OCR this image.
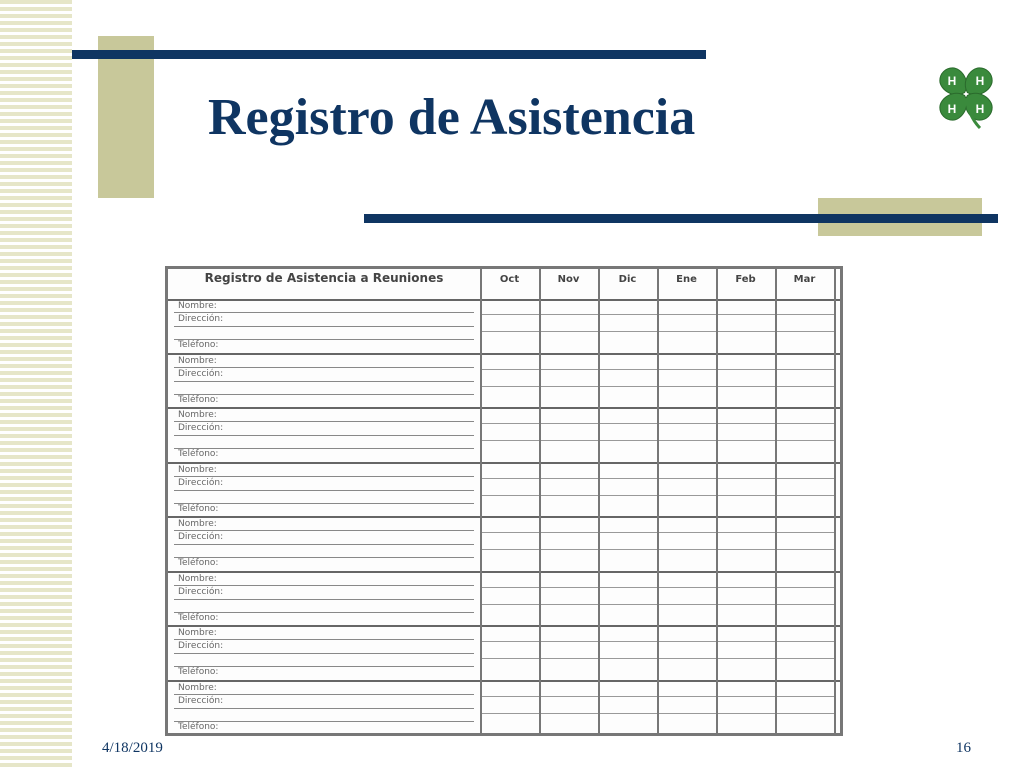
Registro de Asistencia
H H
H H
Registro de Asistencia a Reuniones	Oct	Nov	Dic	Ene	Feb	Mar
Nombre:
Dirección:
Teléfono:
Nombre:
Dirección:
Teléfono:
Nombre:
Dirección:
Teléfono:
Nombre:
Dirección:
Teléfono:
Nombre:
Dirección:
Teléfono:
Nombre:
Dirección:
Teléfono:
Nombre:
Dirección:
Teléfono:
Nombre:
Dirección:
Teléfono:
4/18/2019	16
